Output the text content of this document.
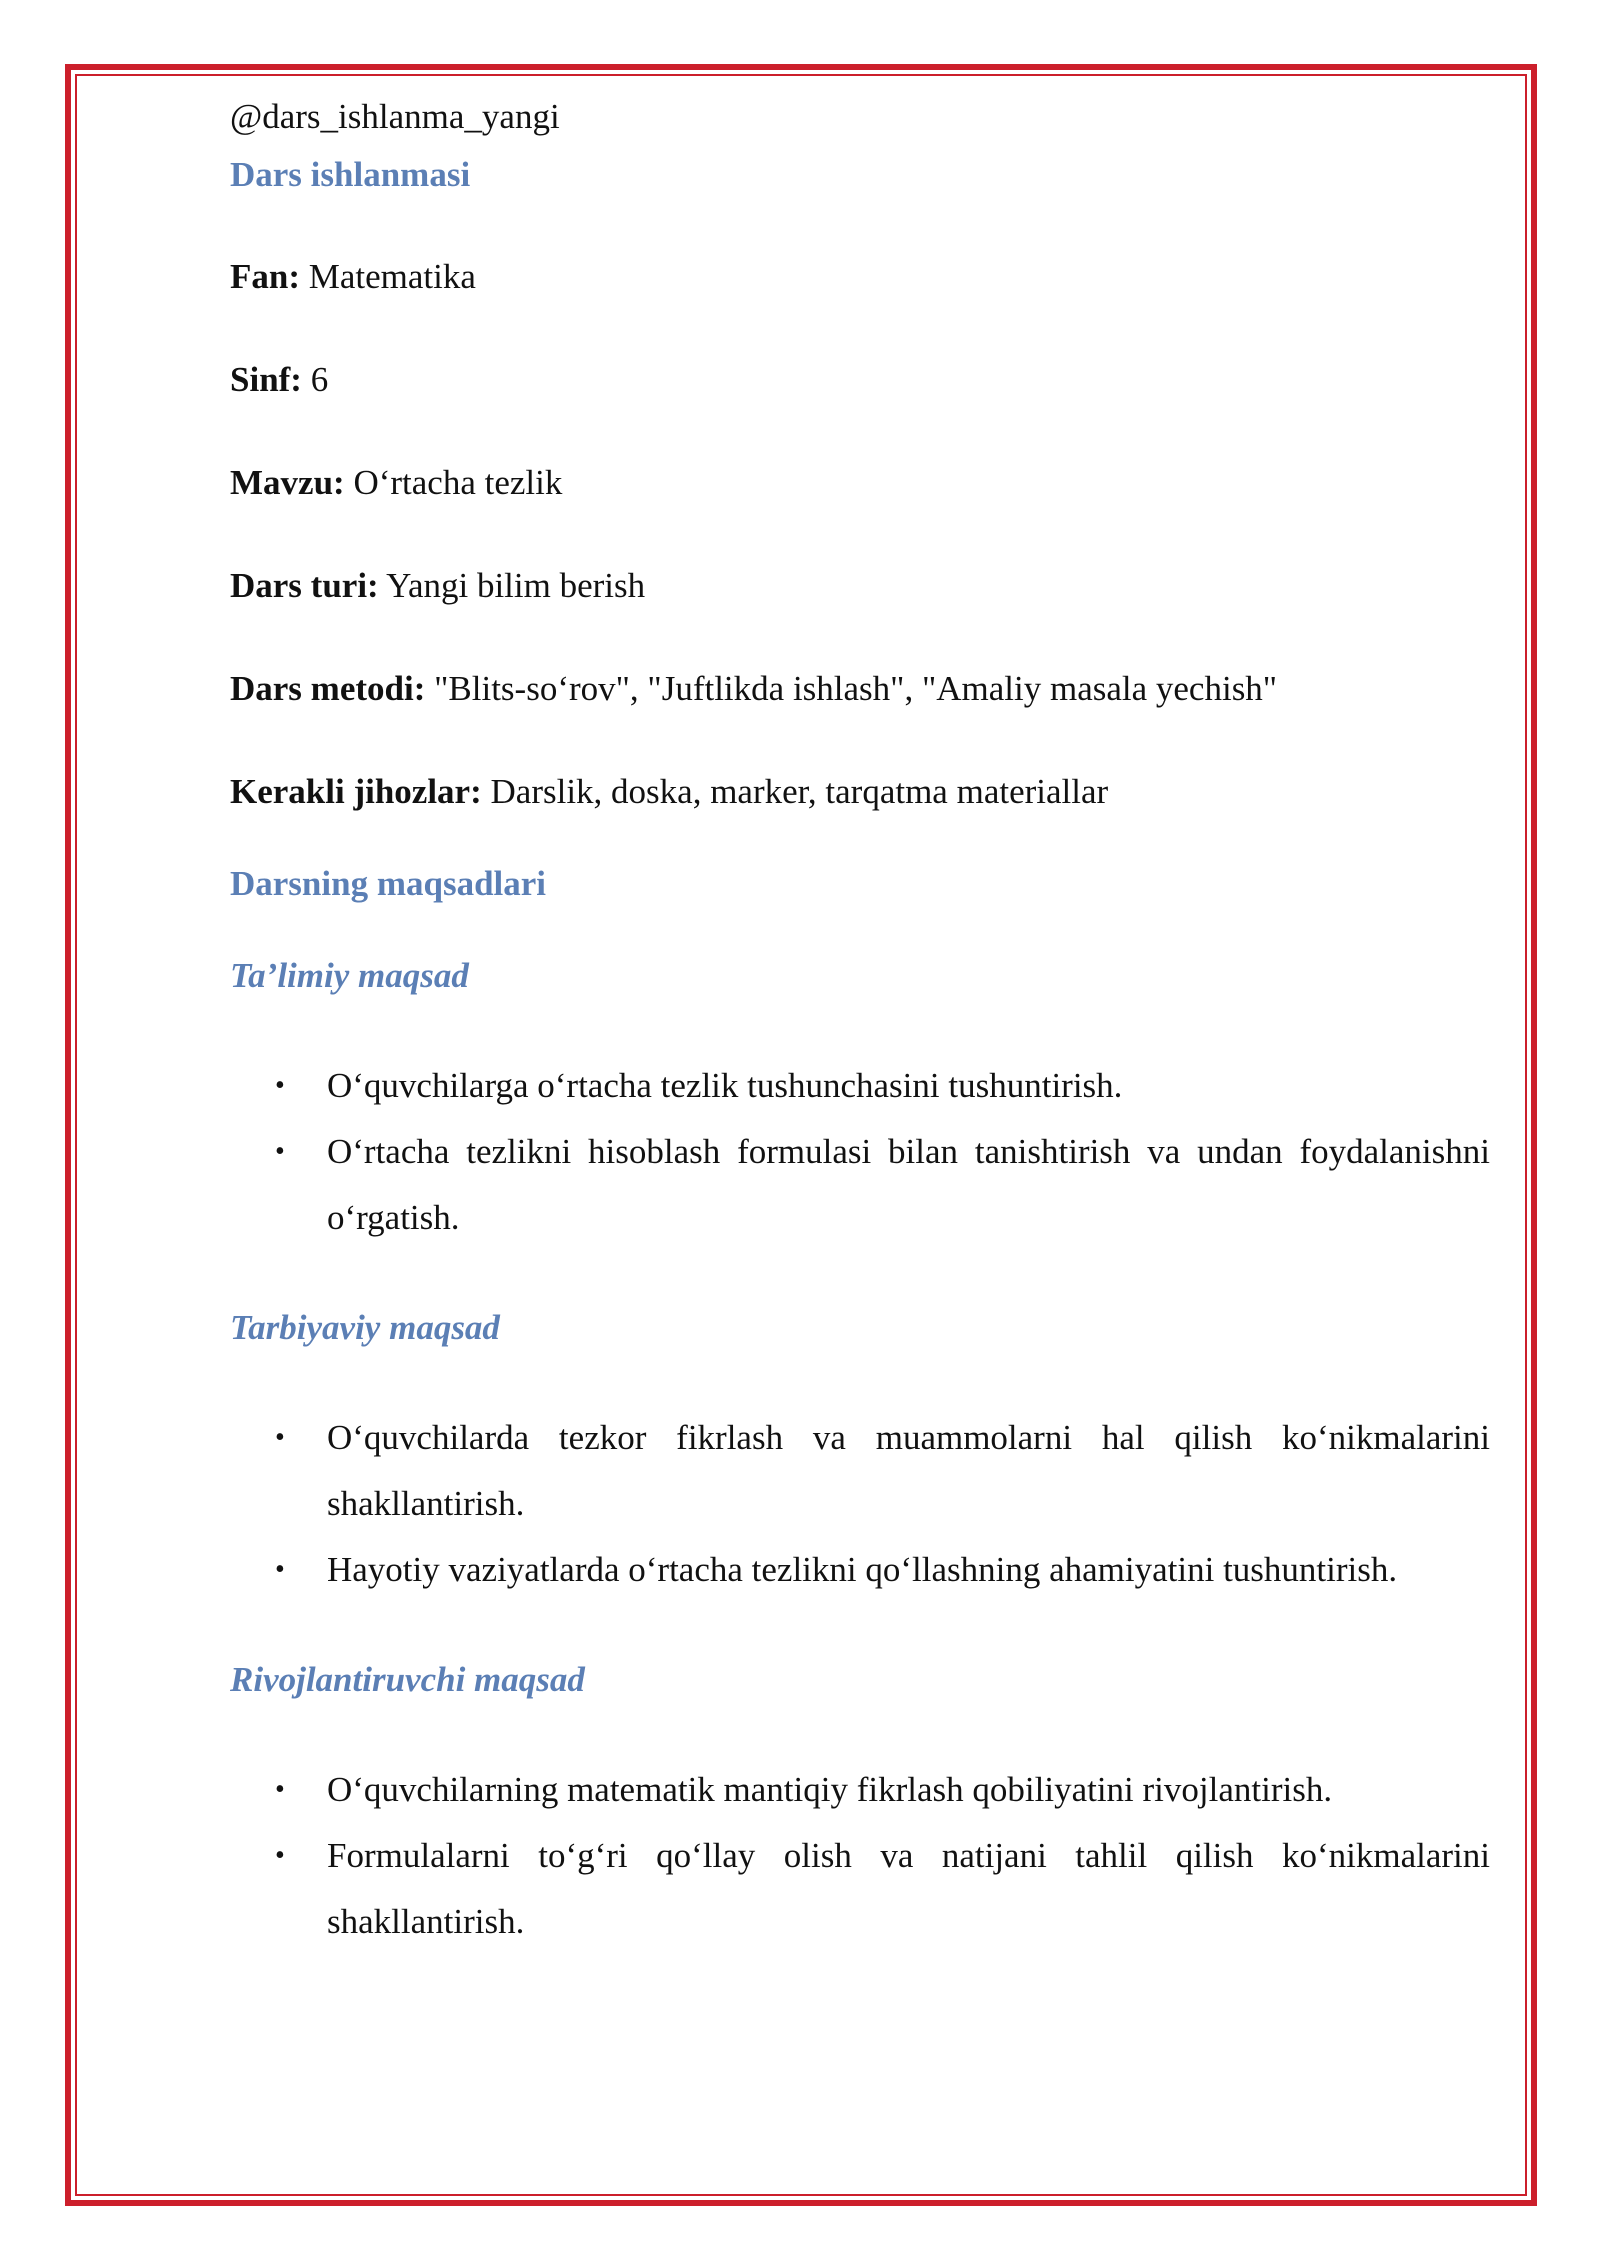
@dars_ishlanma_yangi

Dars ishlanmasi

Fan: Matematika

Sinf: 6

Mavzu: O‘rtacha tezlik

Dars turi: Yangi bilim berish

Dars metodi: "Blits-so‘rov", "Juftlikda ishlash", "Amaliy masala yechish"

Kerakli jihozlar: Darslik, doska, marker, tarqatma materiallar

Darsning maqsadlari

Ta’limiy maqsad

• O‘quvchilarga o‘rtacha tezlik tushunchasini tushuntirish.
• O‘rtacha tezlikni hisoblash formulasi bilan tanishtirish va undan foydalanishni o‘rgatish.

Tarbiyaviy maqsad

• O‘quvchilarda tezkor fikrlash va muammolarni hal qilish ko‘nikmalarini shakllantirish.
• Hayotiy vaziyatlarda o‘rtacha tezlikni qo‘llashning ahamiyatini tushuntirish.

Rivojlantiruvchi maqsad

• O‘quvchilarning matematik mantiqiy fikrlash qobiliyatini rivojlantirish.
• Formulalarni to‘g‘ri qo‘llay olish va natijani tahlil qilish ko‘nikmalarini shakllantirish.
